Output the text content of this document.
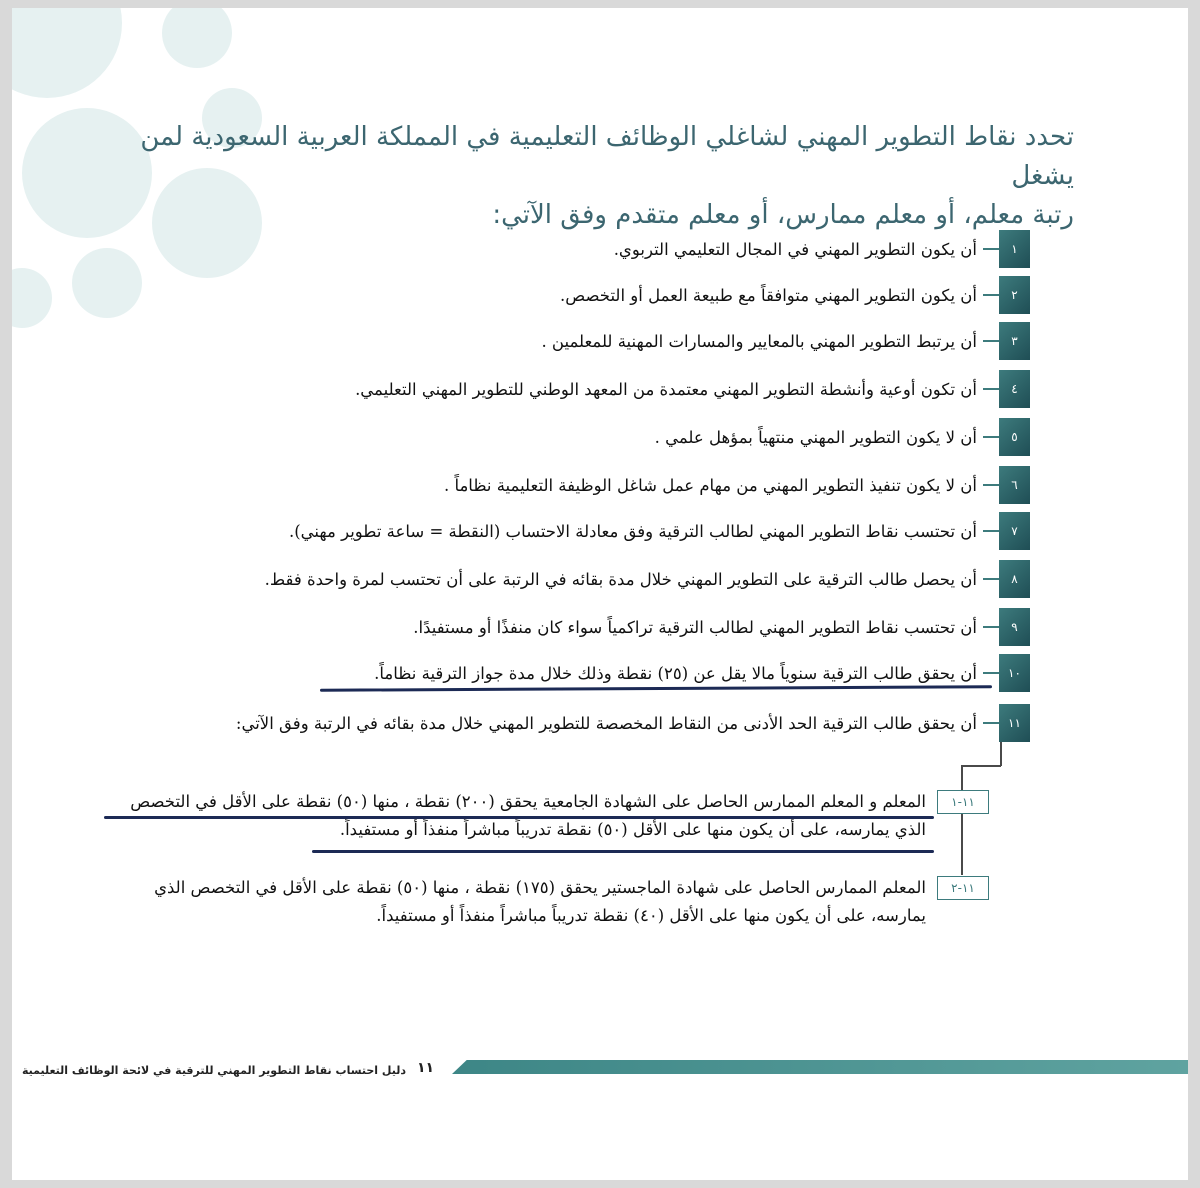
تحدد نقاط التطوير المهني لشاغلي الوظائف التعليمية في المملكة العربية السعودية لمن يشغل
رتبة معلم، أو معلم ممارس، أو معلم متقدم وفق الآتي:
١
أن يكون التطوير المهني في المجال التعليمي التربوي.
٢
أن يكون التطوير المهني متوافقاً مع طبيعة العمل أو التخصص.
٣
أن يرتبط التطوير المهني بالمعايير والمسارات المهنية للمعلمين .
٤
أن تكون أوعية وأنشطة التطوير المهني معتمدة من المعهد الوطني للتطوير المهني التعليمي.
٥
أن لا يكون التطوير المهني منتهياً بمؤهل علمي .
٦
أن لا يكون تنفيذ التطوير المهني من مهام عمل شاغل الوظيفة التعليمية نظاماً .
٧
أن تحتسب نقاط التطوير المهني لطالب الترقية وفق معادلة الاحتساب (النقطة = ساعة تطوير مهني).
٨
أن يحصل طالب الترقية على التطوير المهني خلال مدة بقائه في الرتبة على أن تحتسب لمرة واحدة فقط.
٩
أن تحتسب نقاط التطوير المهني لطالب الترقية تراكمياً سواء كان منفذًا أو مستفيدًا.
١٠
أن يحقق طالب الترقية سنوياً مالا يقل عن (٢٥) نقطة وذلك خلال مدة جواز الترقية نظاماً.
١١
أن يحقق طالب الترقية الحد الأدنى من النقاط المخصصة للتطوير المهني خلال مدة بقائه في الرتبة وفق الآتي:
١١-١
المعلم و المعلم الممارس الحاصل على الشهادة الجامعية يحقق (٢٠٠) نقطة ، منها (٥٠) نقطة على الأقل في التخصص
الذي يمارسه، على أن يكون منها على الأقل (٥٠) نقطة تدريباً مباشراً منفذاً أو مستفيداً.
١١-٢
المعلم الممارس الحاصل على شهادة الماجستير يحقق (١٧٥) نقطة ، منها (٥٠) نقطة على الأقل في التخصص الذي
يمارسه، على أن يكون منها على الأقل (٤٠) نقطة تدريباً مباشراً منفذاً أو مستفيداً.
١١
دليل احتساب نقاط التطوير المهني للترقية في لائحة الوظائف التعليمية
